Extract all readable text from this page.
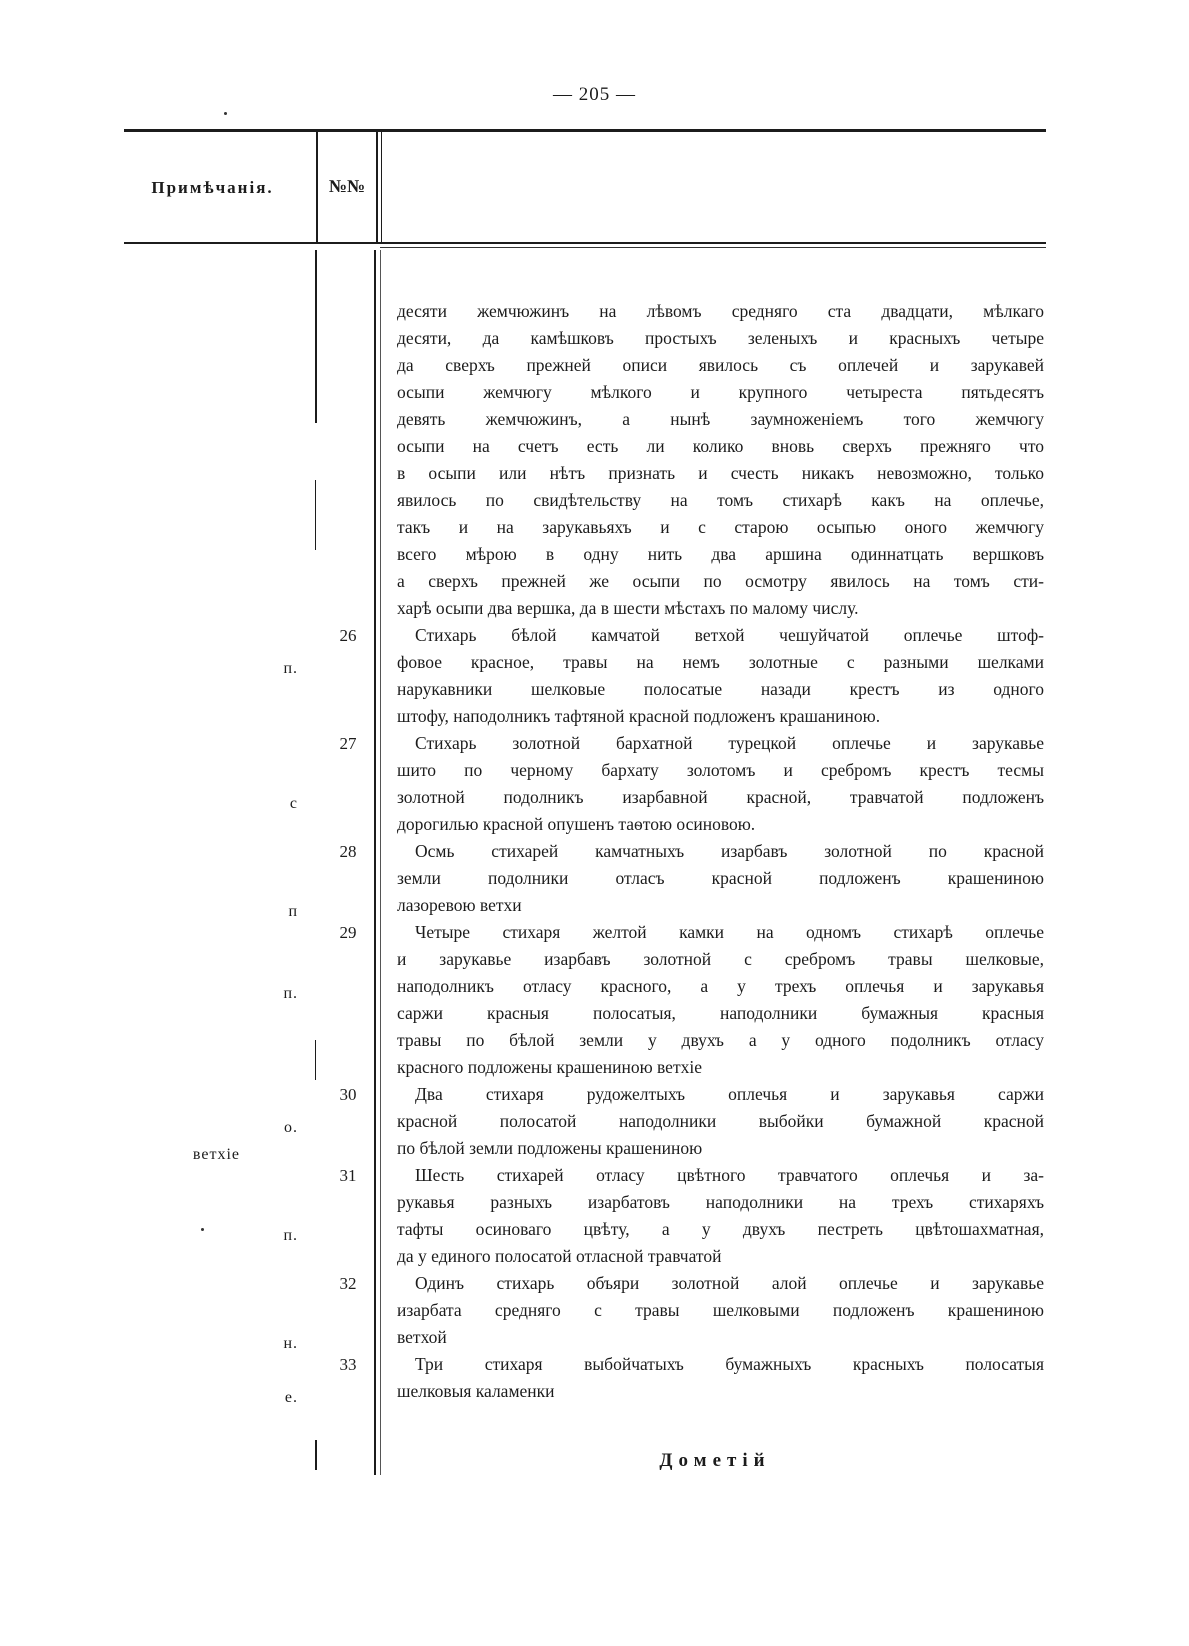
— 205 —
Примѣчанія.	№№
десяти жемчюжинъ на лѣвомъ средняго ста двадцати, мѣлкаго
десяти, да камѣшковъ простыхъ зеленыхъ и красныхъ четыре
да сверхъ прежней описи явилось съ оплечей и зарукавей
осыпи жемчюгу мѣлкого и крупного четыреста пятьдесятъ
девять жемчюжинъ, а нынѣ заумноженіемъ того жемчюгу
осыпи на счетъ есть ли колико вновь сверхъ прежняго что
в осыпи или нѣтъ признать и счесть никакъ невозможно, только
явилось по свидѣтельству на томъ стихарѣ какъ на оплечье,
такъ и на зарукавьяхъ и с старою осыпью оного жемчюгу
всего мѣрою в одну нить два аршина одиннатцать вершковъ
а сверхъ прежней же осыпи по осмотру явилось на томъ сти-
харѣ осыпи два вершка, да в шести мѣстахъ по малому числу.
Стихарь бѣлой камчатой ветхой чешуйчатой оплечье штоф-
фовое красное, травы на немъ золотные с разными шелками
нарукавники шелковые полосатые назади крестъ из одного
штофу, наподолникъ тафтяной красной подложенъ крашаниною.
Стихарь золотной бархатной турецкой оплечье и зарукавье
шито по черному бархату золотомъ и сребромъ крестъ тесмы
золотной подолникъ изарбавной красной, травчатой подложенъ
дорогилью красной опушенъ таѳтою осиновою.
Осмь стихарей камчатныхъ изарбавъ золотной по красной
земли подолники отласъ красной подложенъ крашениною
лазоревою ветхи
Четыре стихаря желтой камки на одномъ стихарѣ оплечье
и зарукавье изарбавъ золотной с сребромъ травы шелковые,
наподолникъ отласу красного, а у трехъ оплечья и зарукавья
саржи красныя полосатыя, наподолники бумажныя красныя
травы по бѣлой земли у двухъ а у одного подолникъ отласу
красного подложены крашениною ветхіе
Два стихаря рудожелтыхъ оплечья и зарукавья саржи
красной полосатой наподолники выбойки бумажной красной
по бѣлой земли подложены крашениною
Шесть стихарей отласу цвѣтного травчатого оплечья и за-
рукавья разныхъ изарбатовъ наподолники на трехъ стихаряхъ
тафты осиноваго цвѣту, а у двухъ пестреть цвѣтошахматная,
да у единого полосатой отласной травчатой
Одинъ стихарь объяри золотной алой оплечье и зарукавье
изарбата средняго с травы шелковыми подложенъ крашениною
ветхой
Три стихаря выбойчатыхъ бумажныхъ красныхъ полосатыя
шелковыя каламенки
26
27
28
29
30
31
32
33
п.
с
п
п.
о.
ветхіе
п.
н.
е.
Дометій
